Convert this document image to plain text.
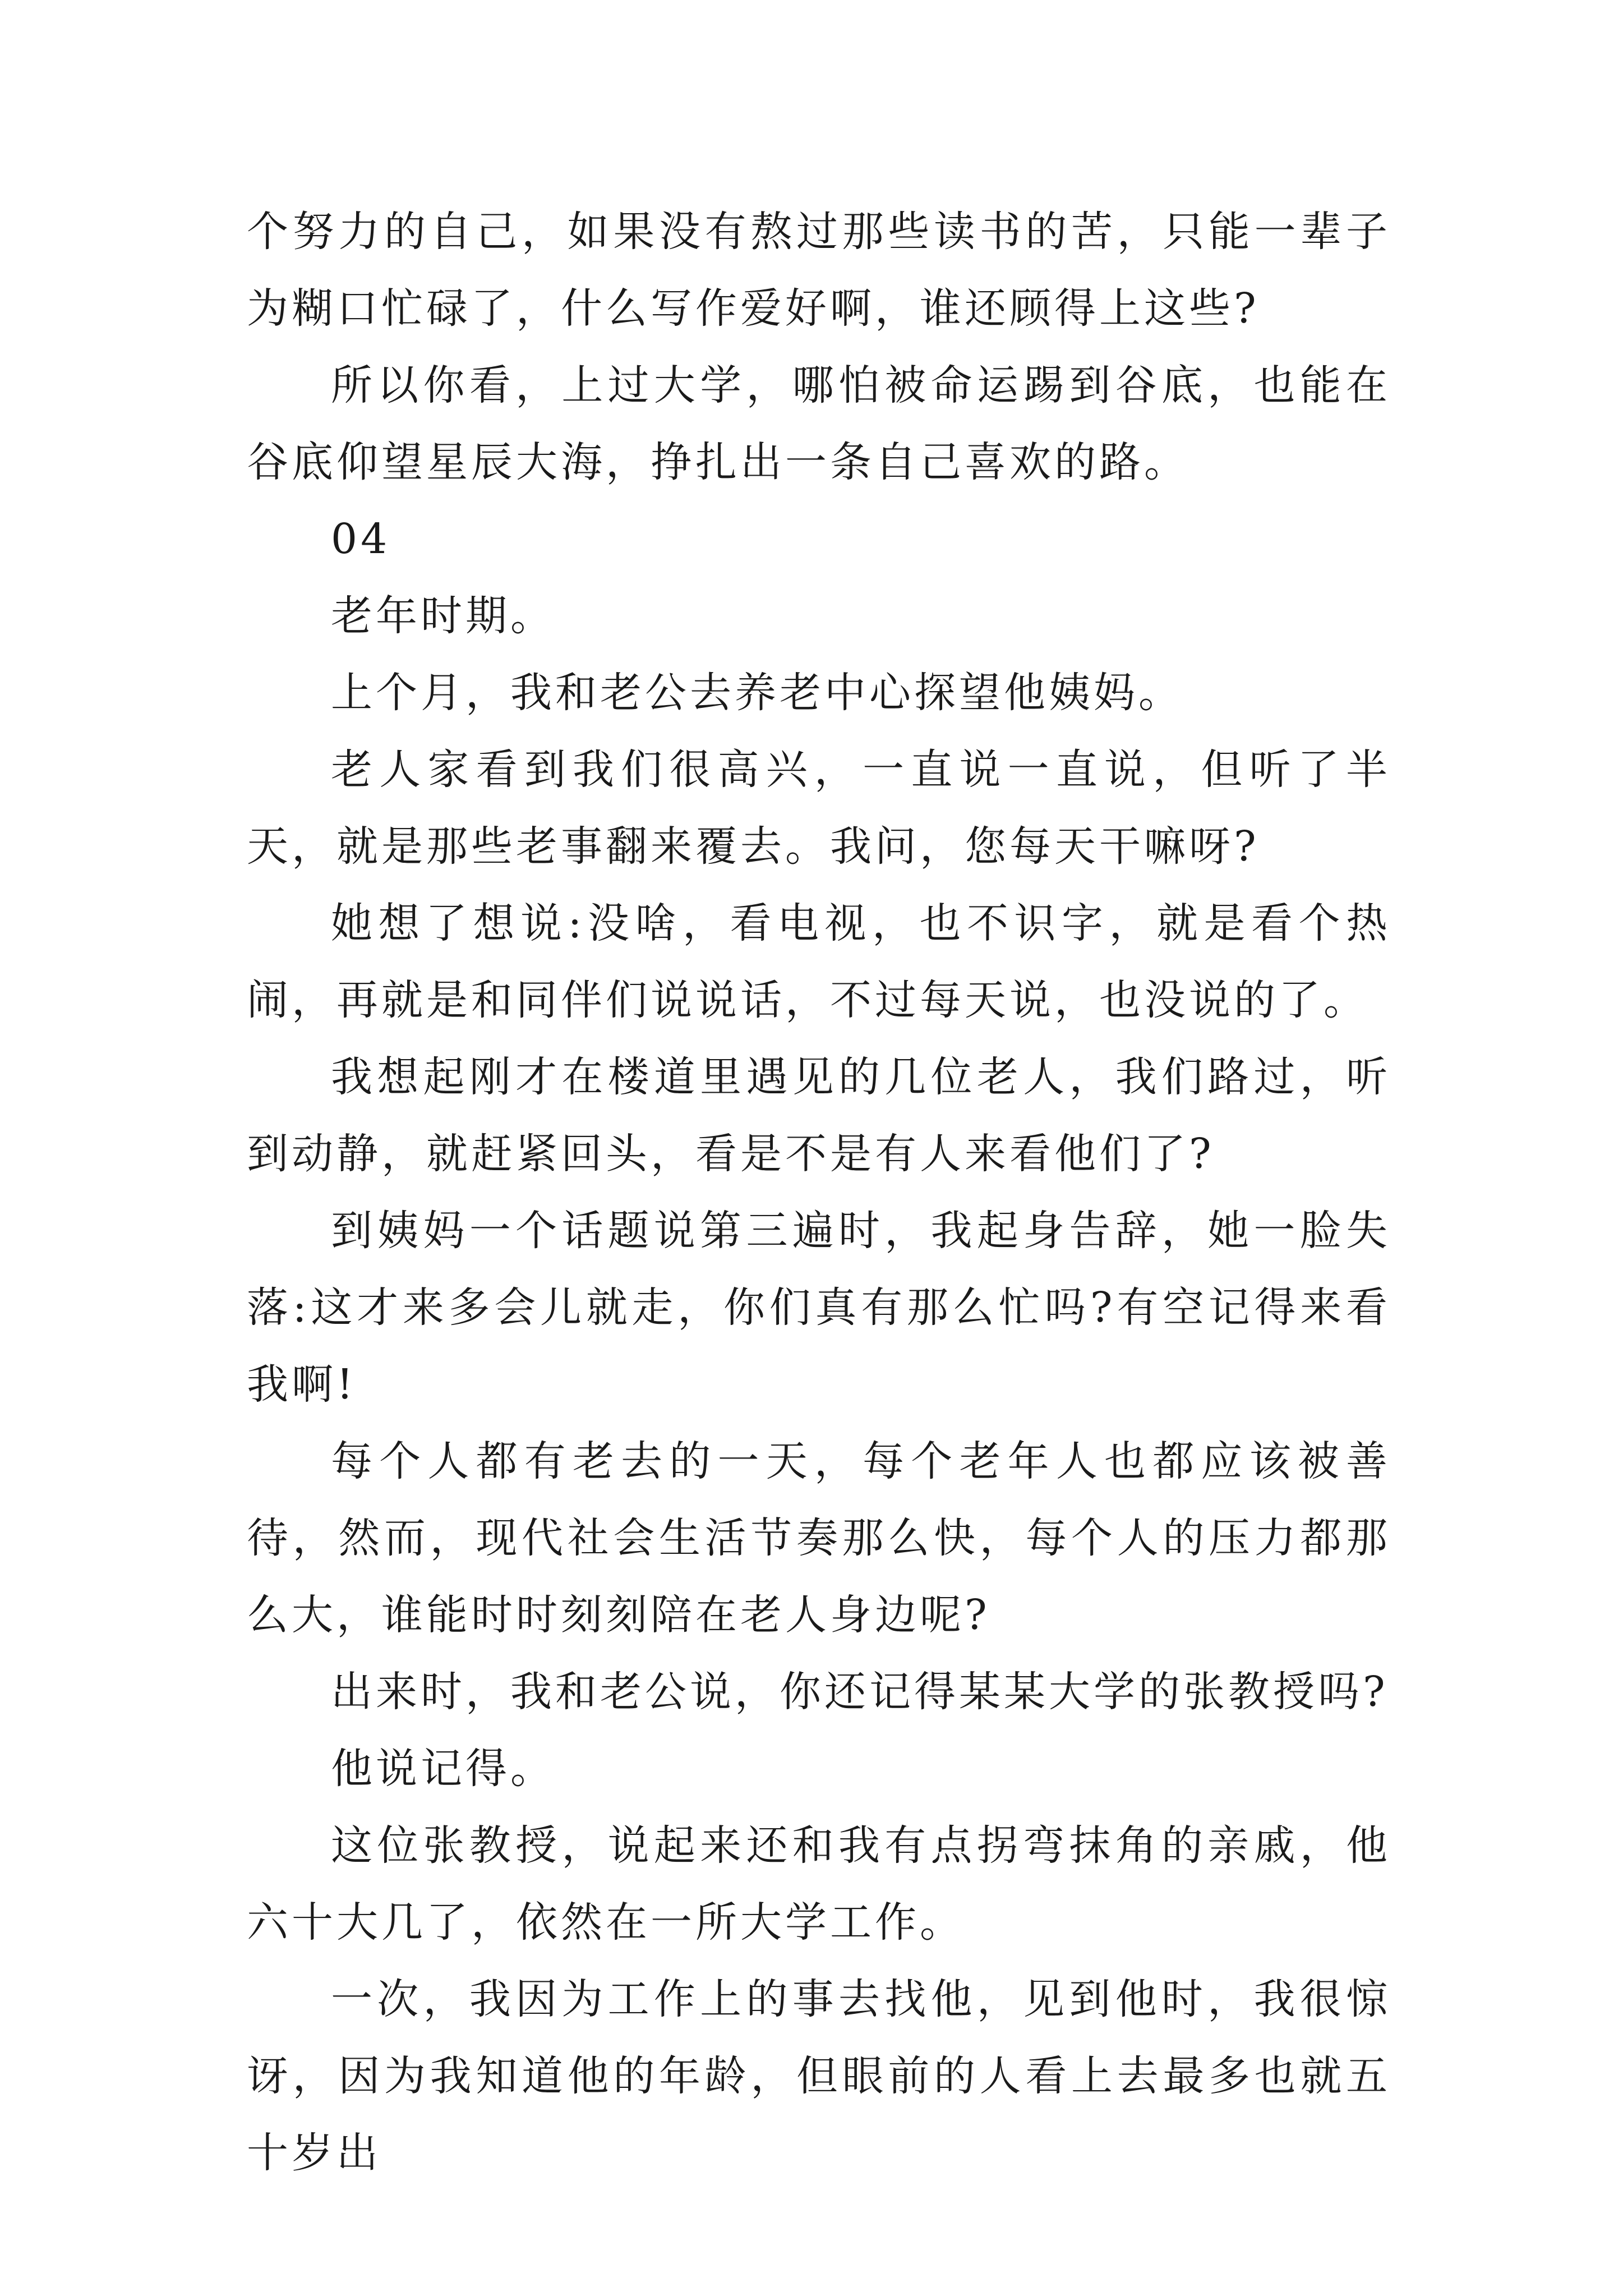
个努力的自己，如果没有熬过那些读书的苦，只能一辈子为糊口忙碌了，什么写作爱好啊，谁还顾得上这些?

所以你看，上过大学，哪怕被命运踢到谷底，也能在谷底仰望星辰大海，挣扎出一条自己喜欢的路。

04

老年时期。

上个月，我和老公去养老中心探望他姨妈。

老人家看到我们很高兴，一直说一直说，但听了半天，就是那些老事翻来覆去。我问，您每天干嘛呀?

她想了想说:没啥，看电视，也不识字，就是看个热闹，再就是和同伴们说说话，不过每天说，也没说的了。

我想起刚才在楼道里遇见的几位老人，我们路过，听到动静，就赶紧回头，看是不是有人来看他们了?

到姨妈一个话题说第三遍时，我起身告辞，她一脸失落:这才来多会儿就走，你们真有那么忙吗?有空记得来看我啊!

每个人都有老去的一天，每个老年人也都应该被善待，然而，现代社会生活节奏那么快，每个人的压力都那么大，谁能时时刻刻陪在老人身边呢?

出来时，我和老公说，你还记得某某大学的张教授吗?

他说记得。

这位张教授，说起来还和我有点拐弯抹角的亲戚，他六十大几了，依然在一所大学工作。

一次，我因为工作上的事去找他，见到他时，我很惊讶，因为我知道他的年龄，但眼前的人看上去最多也就五十岁出
